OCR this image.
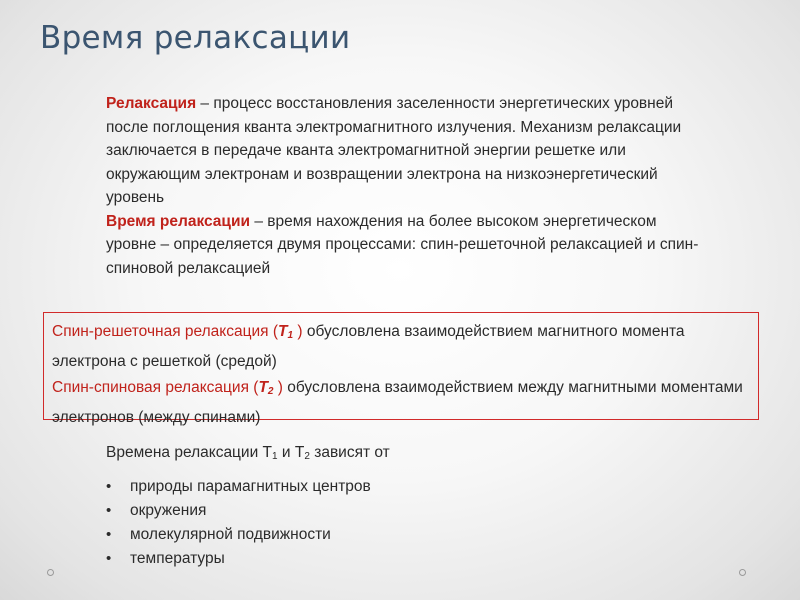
Время релаксации
Релаксация – процесс восстановления заселенности энергетических уровней после поглощения кванта электромагнитного излучения. Механизм релаксации заключается в передаче кванта электромагнитной энергии решетке или окружающим электронам и возвращении электрона на низкоэнергетический уровень
Время релаксации – время нахождения на более высоком энергетическом уровне – определяется двумя процессами: спин-решеточной релаксацией и спин-спиновой релаксацией
Спин-решеточная релаксация ($T_1$ ) обусловлена взаимодействием магнитного момента электрона с решеткой (средой)
Спин-спиновая релаксация ($T_2$ ) обусловлена взаимодействием между магнитными моментами электронов (между спинами)
Времена релаксации $Т_1$ и $Т_2$ зависят от
• природы парамагнитных центров
• окружения
• молекулярной подвижности
• температуры
